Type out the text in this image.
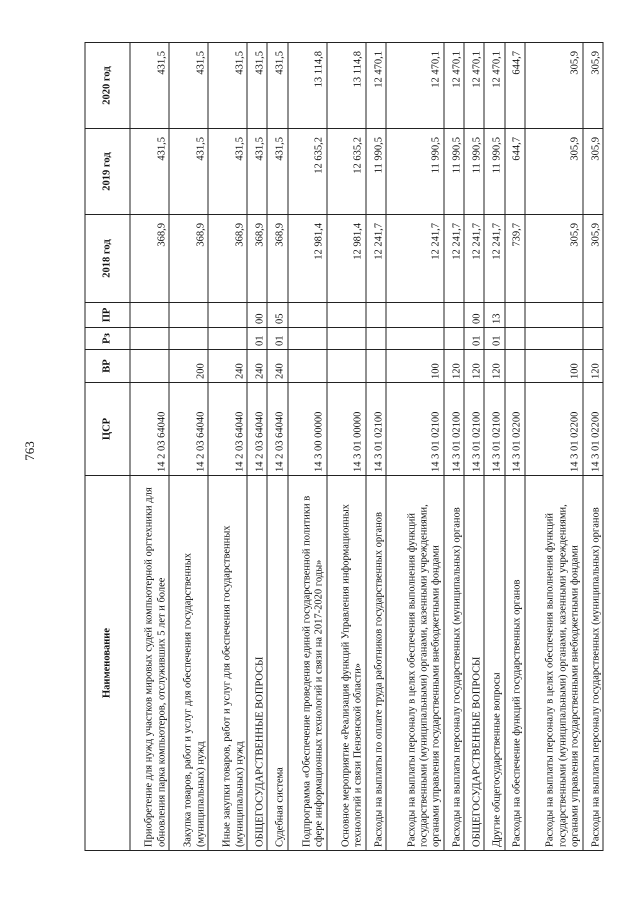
763
Наименование	ЦСР	ВР	Рз	ПР	2018 год	2019 год	2020 год
Приобретение для нужд участков мировых судей компьютерной оргтехники для обновления парка компьютеров, отслуживших 5 лет и более	14 2 03 64040				368,9	431,5	431,5
Закупка товаров, работ и услуг для обеспечения государственных (муниципальных) нужд	14 2 03 64040	200			368,9	431,5	431,5
Иные закупки товаров, работ и услуг для обеспечения государственных (муниципальных) нужд	14 2 03 64040	240			368,9	431,5	431,5
ОБЩЕГОСУДАРСТВЕННЫЕ ВОПРОСЫ	14 2 03 64040	240	01	00	368,9	431,5	431,5
Судебная система	14 2 03 64040	240	01	05	368,9	431,5	431,5
Подпрограмма «Обеспечение проведения единой государственной политики в сфере информационных технологий и связи на 2017-2020 годы»	14 3 00 00000				12 981,4	12 635,2	13 114,8
Основное мероприятие «Реализация функций Управления информационных технологий и связи Пензенской области»	14 3 01 00000				12 981,4	12 635,2	13 114,8
Расходы на выплаты по оплате труда работников государственных органов	14 3 01 02100				12 241,7	11 990,5	12 470,1
Расходы на выплаты персоналу в целях обеспечения выполнения функций государственными (муниципальными) органами, казенными учреждениями, органами управления государственными внебюджетными фондами	14 3 01 02100	100			12 241,7	11 990,5	12 470,1
Расходы на выплаты персоналу государственных (муниципальных) органов	14 3 01 02100	120			12 241,7	11 990,5	12 470,1
ОБЩЕГОСУДАРСТВЕННЫЕ ВОПРОСЫ	14 3 01 02100	120	01	00	12 241,7	11 990,5	12 470,1
Другие общегосударственные вопросы	14 3 01 02100	120	01	13	12 241,7	11 990,5	12 470,1
Расходы на обеспечение функций государственных органов	14 3 01 02200				739,7	644,7	644,7
Расходы на выплаты персоналу в целях обеспечения выполнения функций государственными (муниципальными) органами, казенными учреждениями, органами управления государственными внебюджетными фондами	14 3 01 02200	100			305,9	305,9	305,9
Расходы на выплаты персоналу государственных (муниципальных) органов	14 3 01 02200	120			305,9	305,9	305,9
